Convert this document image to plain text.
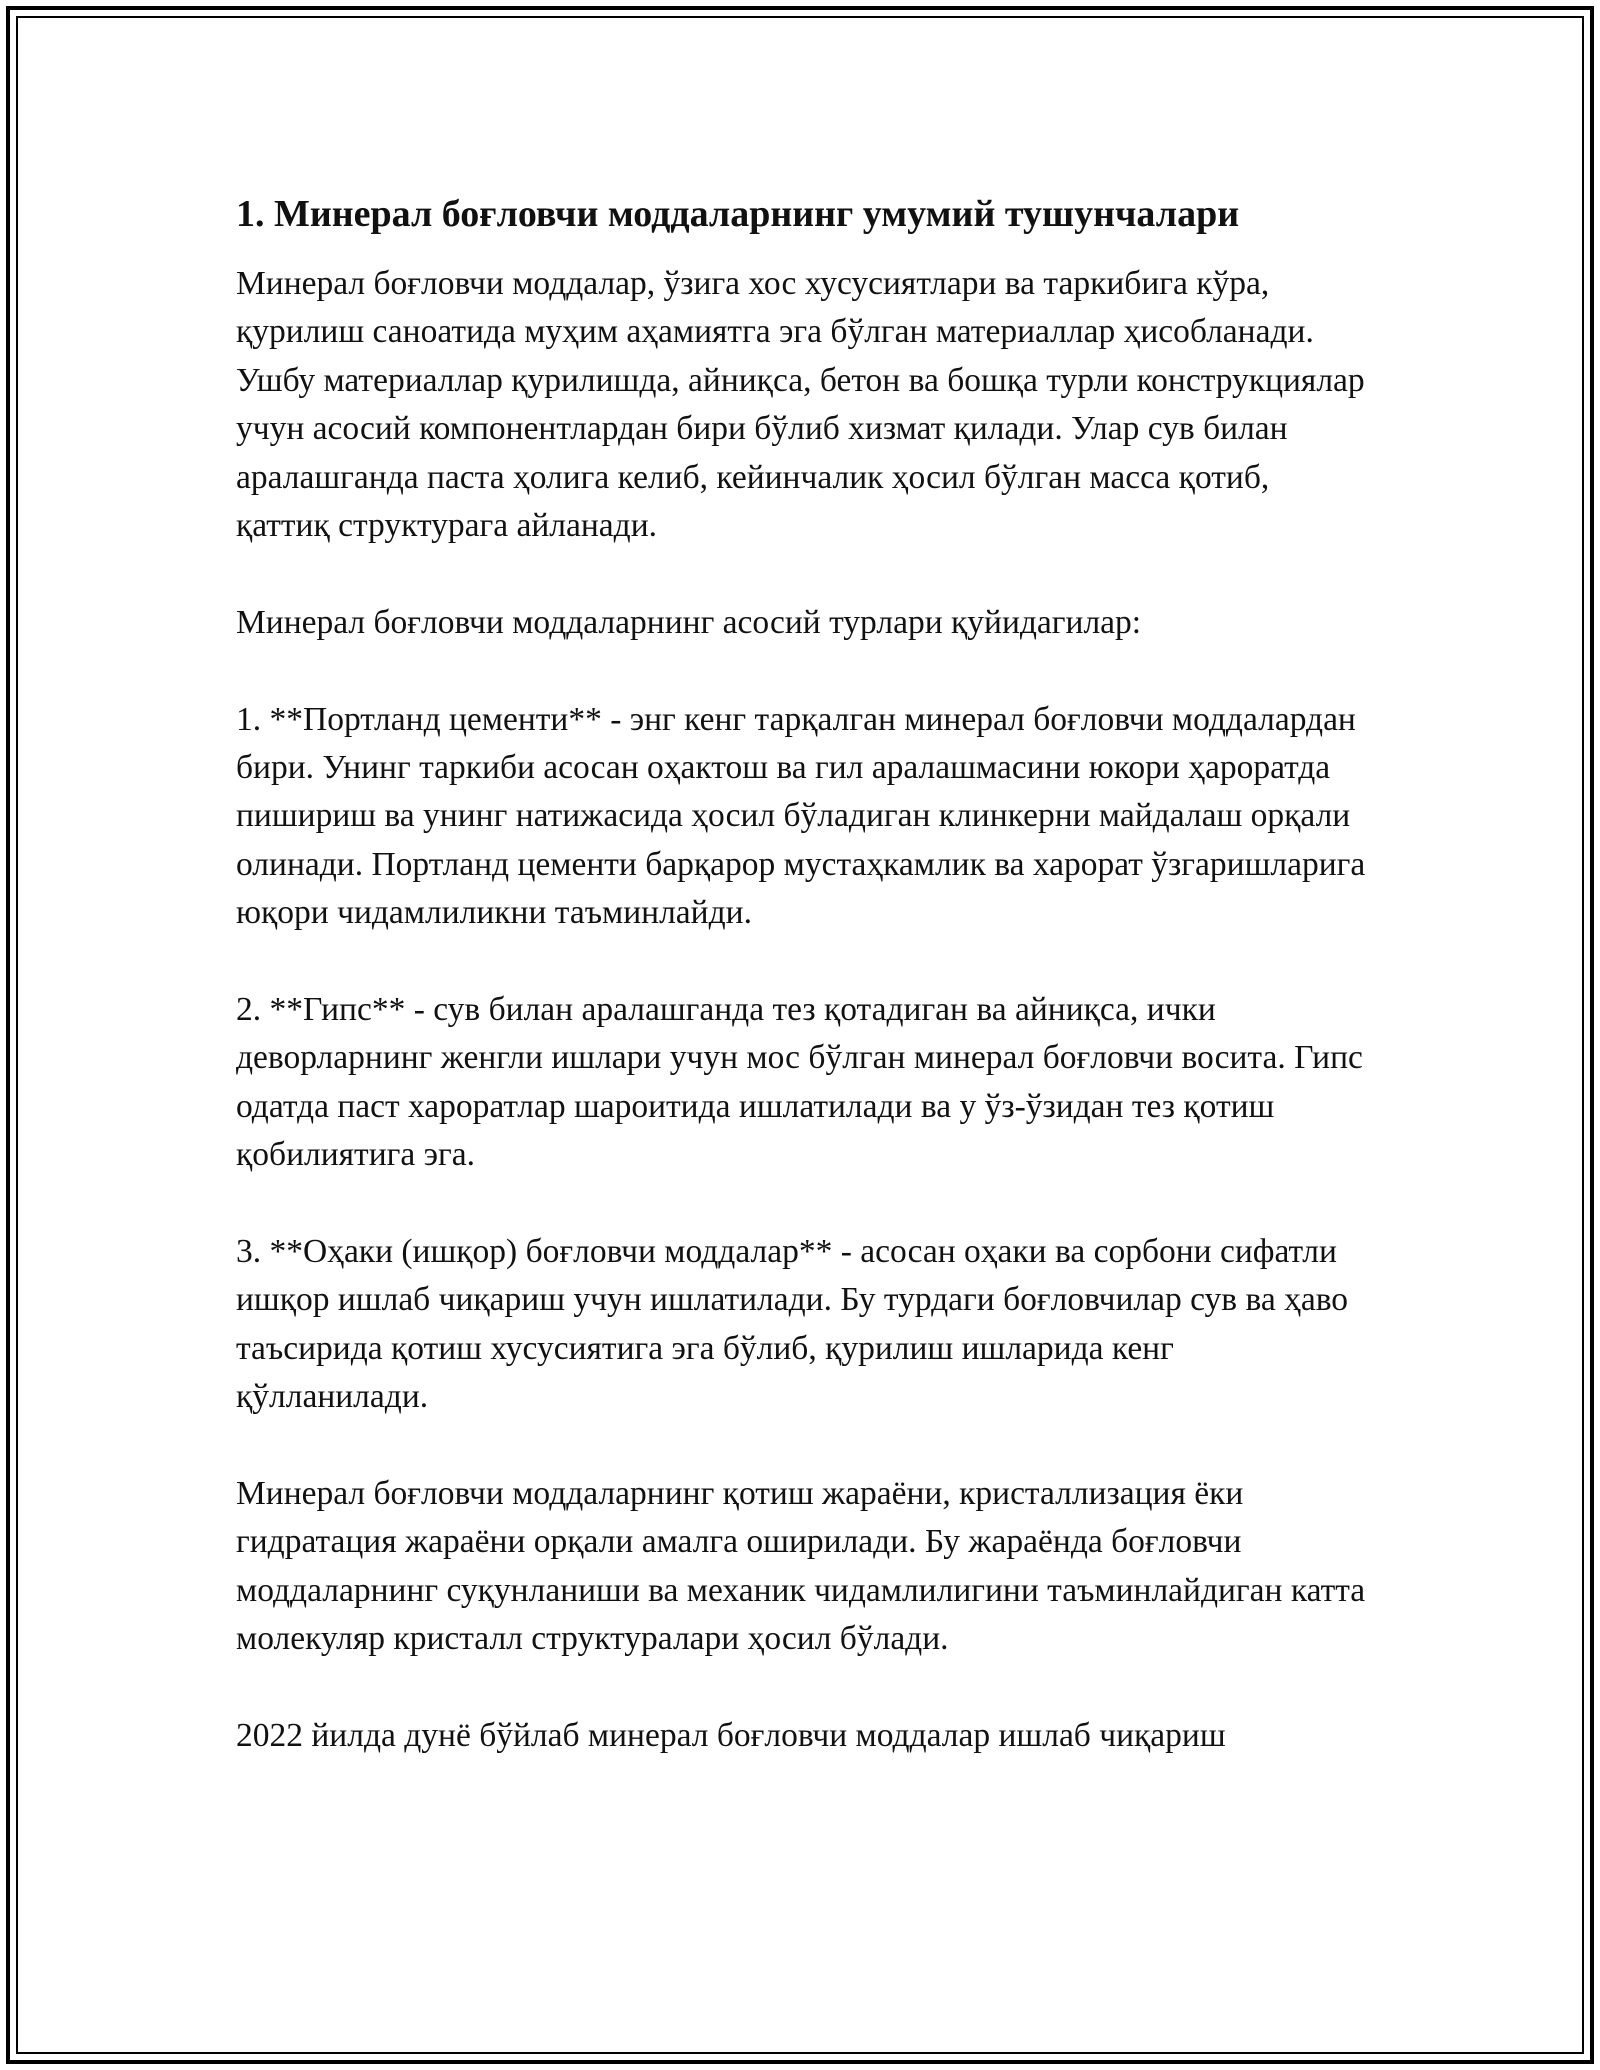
1. Минерал боғловчи моддаларнинг умумий тушунчалари

Минерал боғловчи моддалар, ўзига хос хусусиятлари ва таркибига кўра, қурилиш саноатида муҳим аҳамиятга эга бўлган материаллар ҳисобланади. Ушбу материаллар қурилишда, айниқса, бетон ва бошқа турли конструкциялар учун асосий компонентлардан бири бўлиб хизмат қилади. Улар сув билан аралашганда паста ҳолига келиб, кейинчалик ҳосил бўлган масса қотиб, қаттиқ структурага айланади.

Минерал боғловчи моддаларнинг асосий турлари қуйидагилар:

1. **Портланд цементи** - энг кенг тарқалган минерал боғловчи моддалардан бири. Унинг таркиби асосан оҳактош ва гил аралашмасини юкори ҳароратда пишириш ва унинг натижасида ҳосил бўладиган клинкерни майдалаш орқали олинади. Портланд цементи барқарор мустаҳкамлик ва харорат ўзгаришларига юқори чидамлиликни таъминлайди.

2. **Гипс** - сув билан аралашганда тез қотадиган ва айниқса, ички деворларнинг женгли ишлари учун мос бўлган минерал боғловчи восита. Гипс одатда паст хароратлар шароитида ишлатилади ва у ўз-ўзидан тез қотиш қобилиятига эга.

3. **Оҳаки (ишқор) боғловчи моддалар** - асосан оҳаки ва сорбони сифатли ишқор ишлаб чиқариш учун ишлатилади. Бу турдаги боғловчилар сув ва ҳаво таъсирида қотиш хусусиятига эга бўлиб, қурилиш ишларида кенг қўлланилади.

Минерал боғловчи моддаларнинг қотиш жараёни, кристаллизация ёки гидратация жараёни орқали амалга оширилади. Бу жараёнда боғловчи моддаларнинг суқунланиши ва механик чидамлилигини таъминлайдиган катта молекуляр кристалл структуралари ҳосил бўлади.

2022 йилда дунё бўйлаб минерал боғловчи моддалар ишлаб чиқариш
